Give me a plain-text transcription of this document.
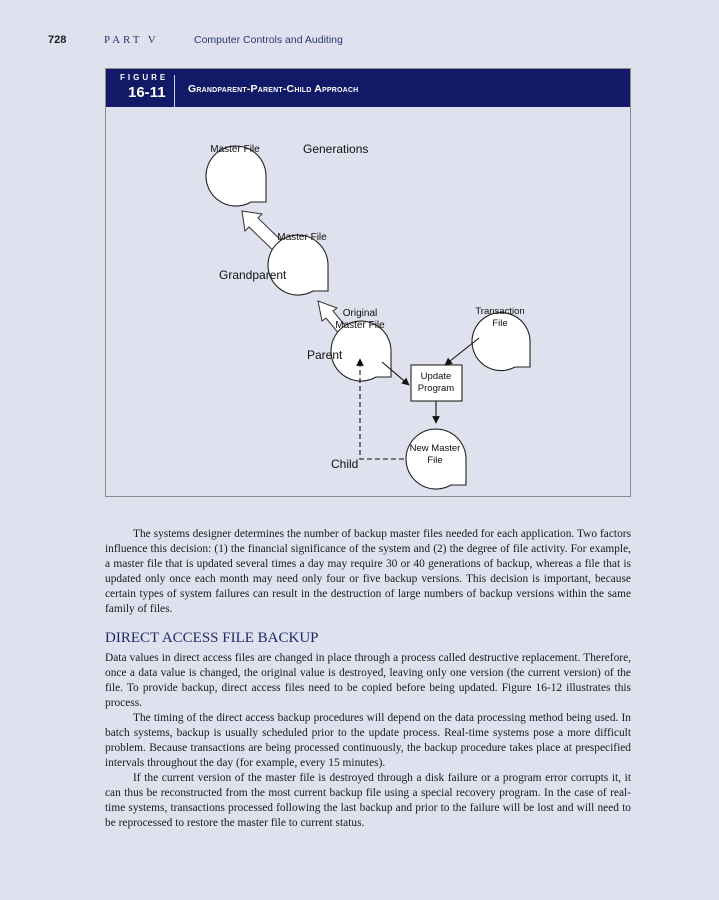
728	PART V	Computer Controls and Auditing
FIGURE
16-11 Grandparent-Parent-Child Approach
Master File
Master File
Original
Master File
Transaction
File
Update
Program
New Master
File
Generations
Grandparent
Parent
Child

The systems designer determines the number of backup master files needed for each application. Two factors influence this decision: (1) the financial significance of the system and (2) the degree of file activity. For example, a master file that is updated several times a day may require 30 or 40 generations of backup, whereas a file that is updated only once each month may need only four or five backup versions. This decision is important, because certain types of system failures can result in the destruction of large numbers of backup versions within the same family of files.

DIRECT ACCESS FILE BACKUP

Data values in direct access files are changed in place through a process called destructive replacement. Therefore, once a data value is changed, the original value is destroyed, leaving only one version (the current version) of the file. To provide backup, direct access files need to be copied before being updated. Figure 16-12 illustrates this process.

The timing of the direct access backup procedures will depend on the data processing method being used. In batch systems, backup is usually scheduled prior to the update process. Real-time systems pose a more difficult problem. Because transactions are being processed continuously, the backup procedure takes place at prespecified intervals throughout the day (for example, every 15 minutes).

If the current version of the master file is destroyed through a disk failure or a program error corrupts it, it can thus be reconstructed from the most current backup file using a special recovery program. In the case of real-time systems, transactions processed following the last backup and prior to the failure will be lost and will need to be reprocessed to restore the master file to current status.
